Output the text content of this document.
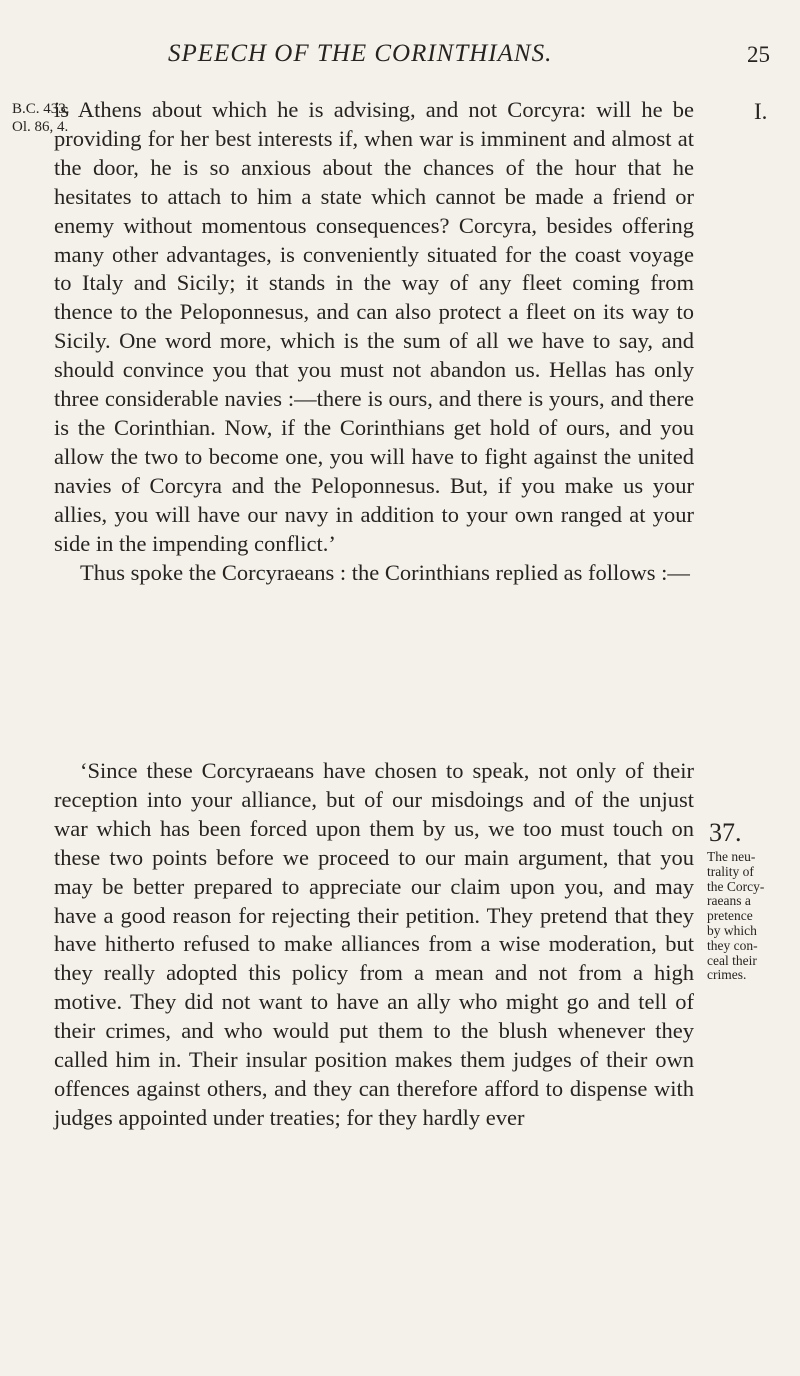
SPEECH OF THE CORINTHIANS.	25
B.C. 433.
Ol. 86, 4.
I.

is Athens about which he is advising, and not Corcyra: will he be providing for her best interests if, when war is imminent and almost at the door, he is so anxious about the chances of the hour that he hesitates to attach to him a state which cannot be made a friend or enemy without momentous consequences? Corcyra, besides offering many other advantages, is conveniently situated for the coast voyage to Italy and Sicily; it stands in the way of any fleet coming from thence to the Peloponnesus, and can also protect a fleet on its way to Sicily. One word more, which is the sum of all we have to say, and should convince you that you must not abandon us. Hellas has only three considerable navies :—there is ours, and there is yours, and there is the Corinthian. Now, if the Corinthians get hold of ours, and you allow the two to become one, you will have to fight against the united navies of Corcyra and the Peloponnesus. But, if you make us your allies, you will have our navy in addition to your own ranged at your side in the impending conflict.’

Thus spoke the Corcyraeans : the Corinthians replied as follows :—

‘Since these Corcyraeans have chosen to speak, not only of their reception into your alliance, but of our misdoings and of the unjust war which has been forced upon them by us, we too must touch on these two points before we proceed to our main argument, that you may be better prepared to appreciate our claim upon you, and may have a good reason for rejecting their petition. They pretend that they have hitherto refused to make alliances from a wise moderation, but they really adopted this policy from a mean and not from a high motive. They did not want to have an ally who might go and tell of their crimes, and who would put them to the blush whenever they called him in. Their insular position makes them judges of their own offences against others, and they can therefore afford to dispense with judges appointed under treaties; for they hardly ever

37.
The neu-
trality of
the Corcy-
raeans a
pretence
by which
they con-
ceal their
crimes.
